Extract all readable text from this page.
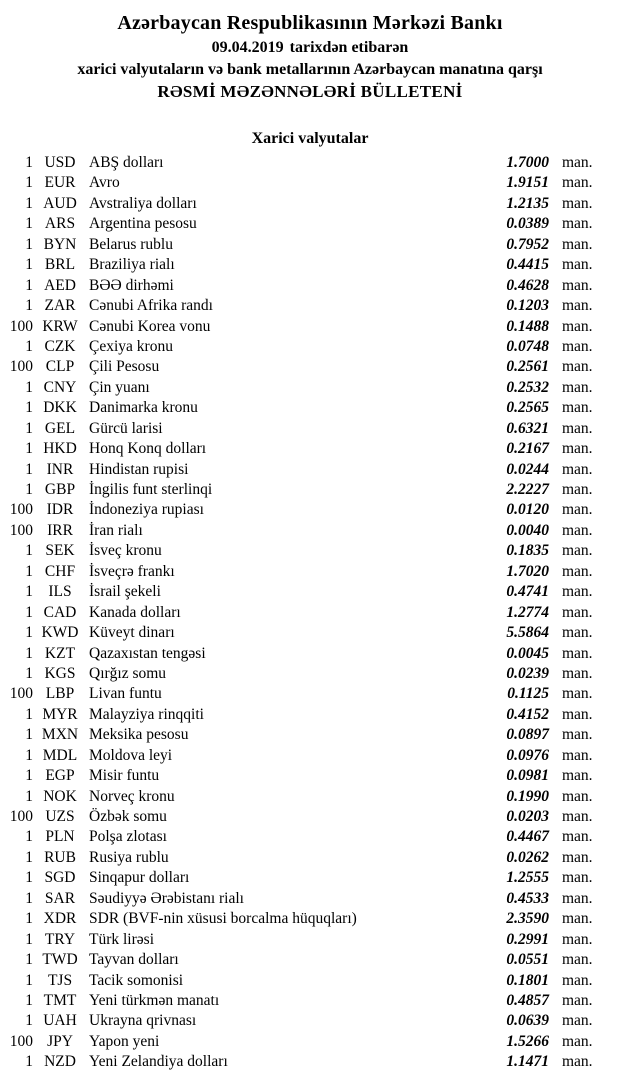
Azərbaycan Respublikasının Mərkəzi Bankı
09.04.2019 tarixdən etibarən
xarici valyutaların və bank metallarının Azərbaycan manatına qarşı
RƏSMİ MƏZƏNNƏLƏRİ BÜLLETENİ
Xarici valyutalar
1 USD ABŞ dolları	1.7000 man.
1 EUR Avro	1.9151 man.
1 AUD Avstraliya dolları	1.2135 man.
1 ARS Argentina pesosu	0.0389 man.
1 BYN Belarus rublu	0.7952 man.
1 BRL Braziliya rialı	0.4415 man.
1 AED BƏƏ dirhəmi	0.4628 man.
1 ZAR Cənubi Afrika randı	0.1203 man.
100 KRW Cənubi Korea vonu	0.1488 man.
1 CZK Çexiya kronu	0.0748 man.
100 CLP Çili Pesosu	0.2561 man.
1 CNY Çin yuanı	0.2532 man.
1 DKK Danimarka kronu	0.2565 man.
1 GEL Gürcü larisi	0.6321 man.
1 HKD Honq Konq dolları	0.2167 man.
1 INR	Hindistan rupisi	0.0244 man.
1 GBP İngilis funt sterlinqi	2.2227 man.
100 IDR	İndoneziya rupiası	0.0120 man.
100 IRR	İran rialı	0.0040 man.
1 SEK İsveç kronu	0.1835 man.
1 CHF İsveçrə frankı	1.7020 man.
1 ILS	İsrail şekeli	0.4741 man.
1 CAD Kanada dolları	1.2774 man.
1 KWD Küveyt dinarı	5.5864 man.
1 KZT Qazaxıstan tengəsi	0.0045 man.
1 KGS Qırğız somu	0.0239 man.
100 LBP Livan funtu	0.1125 man.
1 MYR Malayziya rinqqiti	0.4152 man.
1 MXN Meksika pesosu	0.0897 man.
1 MDL Moldova leyi	0.0976 man.
1 EGP Misir funtu	0.0981 man.
1 NOK Norveç kronu	0.1990 man.
100 UZS Özbək somu	0.0203 man.
1 PLN Polşa zlotası	0.4467 man.
1 RUB Rusiya rublu	0.0262 man.
1 SGD Sinqapur dolları	1.2555 man.
1 SAR Səudiyyə Ərəbistanı rialı	0.4533 man.
1 XDR SDR (BVF-nin xüsusi borcalma hüquqları)	2.3590 man.
1 TRY Türk lirəsi	0.2991 man.
1 TWD Tayvan dolları	0.0551 man.
1 TJS	Tacik somonisi	0.1801 man.
1 TMT Yeni türkmən manatı	0.4857 man.
1 UAH Ukrayna qrivnası	0.0639 man.
100 JPY	Yapon yeni	1.5266 man.
1 NZD Yeni Zelandiya dolları	1.1471 man.
